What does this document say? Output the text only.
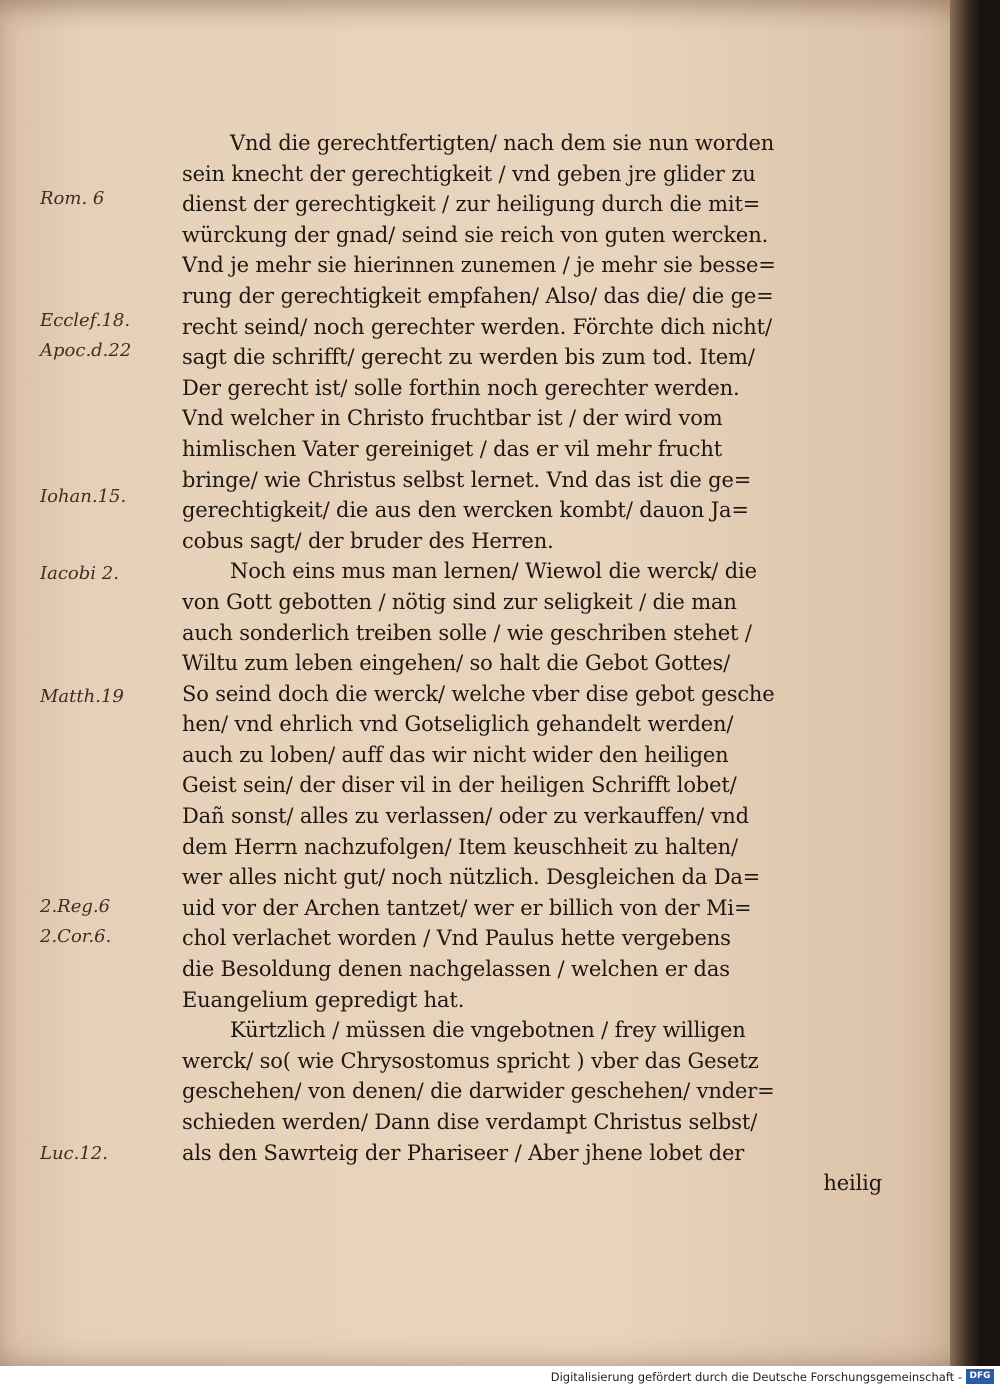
Rom. 6
Ecclef.18.
Apoc.d.22
Iohan.15.
Iacobi 2.
Matth.19
2.Reg.6
2.Cor.6.
Luc.12.
Vnd die gerechtfertigten/ nach dem sie nun worden
sein knecht der gerechtigkeit / vnd geben jre glider zu
dienst der gerechtigkeit / zur heiligung durch die mit=
würckung der gnad/ seind sie reich von guten wercken.
Vnd je mehr sie hierinnen zunemen / je mehr sie besse=
rung der gerechtigkeit empfahen/ Also/ das die/ die ge=
recht seind/ noch gerechter werden. Förchte dich nicht/
sagt die schrifft/ gerecht zu werden bis zum tod. Item/
Der gerecht ist/ solle forthin noch gerechter werden.
Vnd welcher in Christo fruchtbar ist / der wird vom
himlischen Vater gereiniget / das er vil mehr frucht
bringe/ wie Christus selbst lernet. Vnd das ist die ge=
gerechtigkeit/ die aus den wercken kombt/ dauon Ja=
cobus sagt/ der bruder des Herren.
Noch eins mus man lernen/ Wiewol die werck/ die
von Gott gebotten / nötig sind zur seligkeit / die man
auch sonderlich treiben solle / wie geschriben stehet /
Wiltu zum leben eingehen/ so halt die Gebot Gottes/
So seind doch die werck/ welche vber dise gebot gesche
hen/ vnd ehrlich vnd Gotseliglich gehandelt werden/
auch zu loben/ auff das wir nicht wider den heiligen
Geist sein/ der diser vil in der heiligen Schrifft lobet/
Dañ sonst/ alles zu verlassen/ oder zu verkauffen/ vnd
dem Herrn nachzufolgen/ Item keuschheit zu halten/
wer alles nicht gut/ noch nützlich. Desgleichen da Da=
uid vor der Archen tantzet/ wer er billich von der Mi=
chol verlachet worden / Vnd Paulus hette vergebens
die Besoldung denen nachgelassen / welchen er das
Euangelium gepredigt hat.
Kürtzlich / müssen die vngebotnen / frey willigen
werck/ so( wie Chrysostomus spricht ) vber das Gesetz
geschehen/ von denen/ die darwider geschehen/ vnder=
schieden werden/ Dann dise verdampt Christus selbst/
als den Sawrteig der Phariseer / Aber jhene lobet der
heilig
Digitalisierung gefördert durch die Deutsche Forschungsgemeinschaft - DFG
